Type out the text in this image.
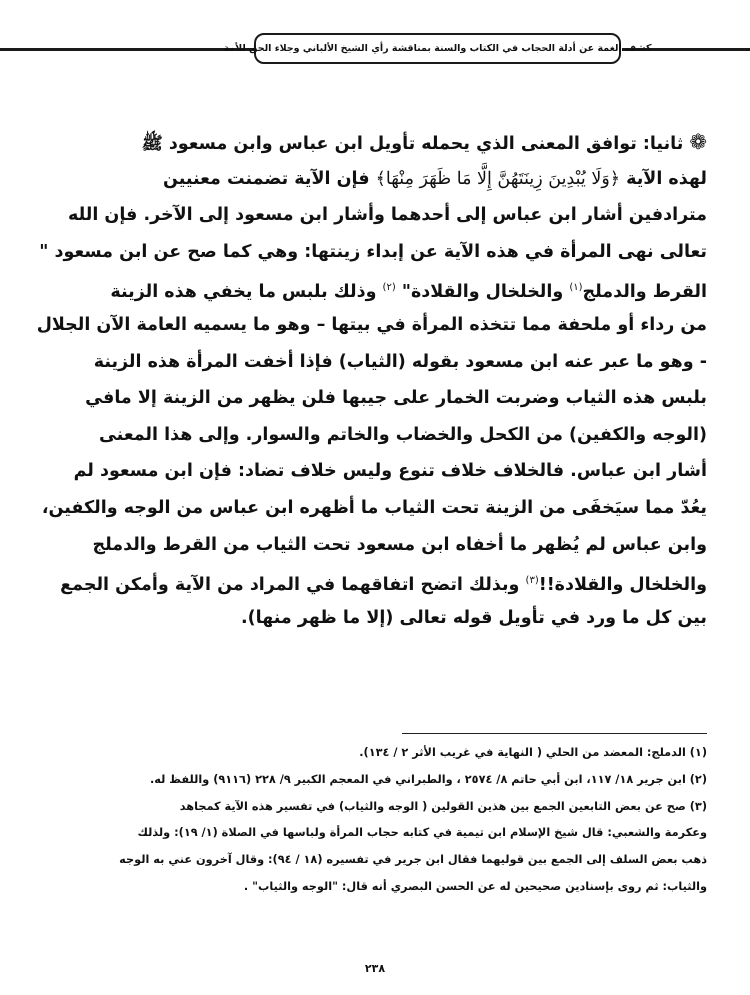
كشف الغمة عن أدلة الحجاب في الكتاب والسنة بمناقشة رأي الشيخ الألباني وجلاء الحق للأمة
❁ ثانيا: توافق المعنى الذي يحمله تأويل ابن عباس وابن مسعود ﷺ
لهذه الآية ﴿وَلَا يُبْدِينَ زِينَتَهُنَّ إِلَّا مَا ظَهَرَ مِنْهَا﴾ فإن الآية تضمنت معنيين
مترادفين أشار ابن عباس إلى أحدهما وأشار ابن مسعود إلى الآخر. فإن الله
تعالى نهى المرأة في هذه الآية عن إبداء زينتها: وهي كما صح عن ابن مسعود "
القرط والدملج$^{(١)}$ والخلخال والقلادة" $^{(٢)}$ وذلك بلبس ما يخفي هذه الزينة
من رداء أو ملحفة مما تتخذه المرأة في بيتها – وهو ما يسميه العامة الآن الجلال
- وهو ما عبر عنه ابن مسعود بقوله (الثياب) فإذا أخفت المرأة هذه الزينة
بلبس هذه الثياب وضربت الخمار على جيبها فلن يظهر من الزينة إلا مافي
(الوجه والكفين) من الكحل والخضاب والخاتم والسوار. وإلى هذا المعنى
أشار ابن عباس. فالخلاف خلاف تنوع وليس خلاف تضاد: فإن ابن مسعود لم
يعُدّ مما سيَخفَى من الزينة تحت الثياب ما أظهره ابن عباس من الوجه والكفين،
وابن عباس لم يُظهر ما أخفاه ابن مسعود تحت الثياب من القرط والدملج
والخلخال والقلادة!!$^{(٣)}$ وبذلك اتضح اتفاقهما في المراد من الآية وأمكن الجمع
بين كل ما ورد في تأويل قوله تعالى (إلا ما ظهر منها).
(١) الدملج: المعضد من الحلي ( النهاية في غريب الأثر ٢ / ١٣٤).
(٢) ابن جرير ١٨/ ١١٧، ابن أبي حاتم ٨/ ٢٥٧٤ ، والطبراني في المعجم الكبير ٩/ ٢٢٨ (٩١١٦) واللفظ له.
(٣) صح عن بعض التابعين الجمع بين هذين القولين ( الوجه والثياب) في تفسير هذه الآية كمجاهد
وعكرمة والشعبي: قال شيخ الإسلام ابن تيمية في كتابه حجاب المرأة ولباسها في الصلاة (١/ ١٩): ولذلك
ذهب بعض السلف إلى الجمع بين قوليهما فقال ابن جرير في تفسيره (١٨ / ٩٤): وقال آخرون عني به الوجه
والثياب: ثم روى بإسنادين صحيحين له عن الحسن البصري أنه قال: "الوجه والثياب" .
٢٣٨
